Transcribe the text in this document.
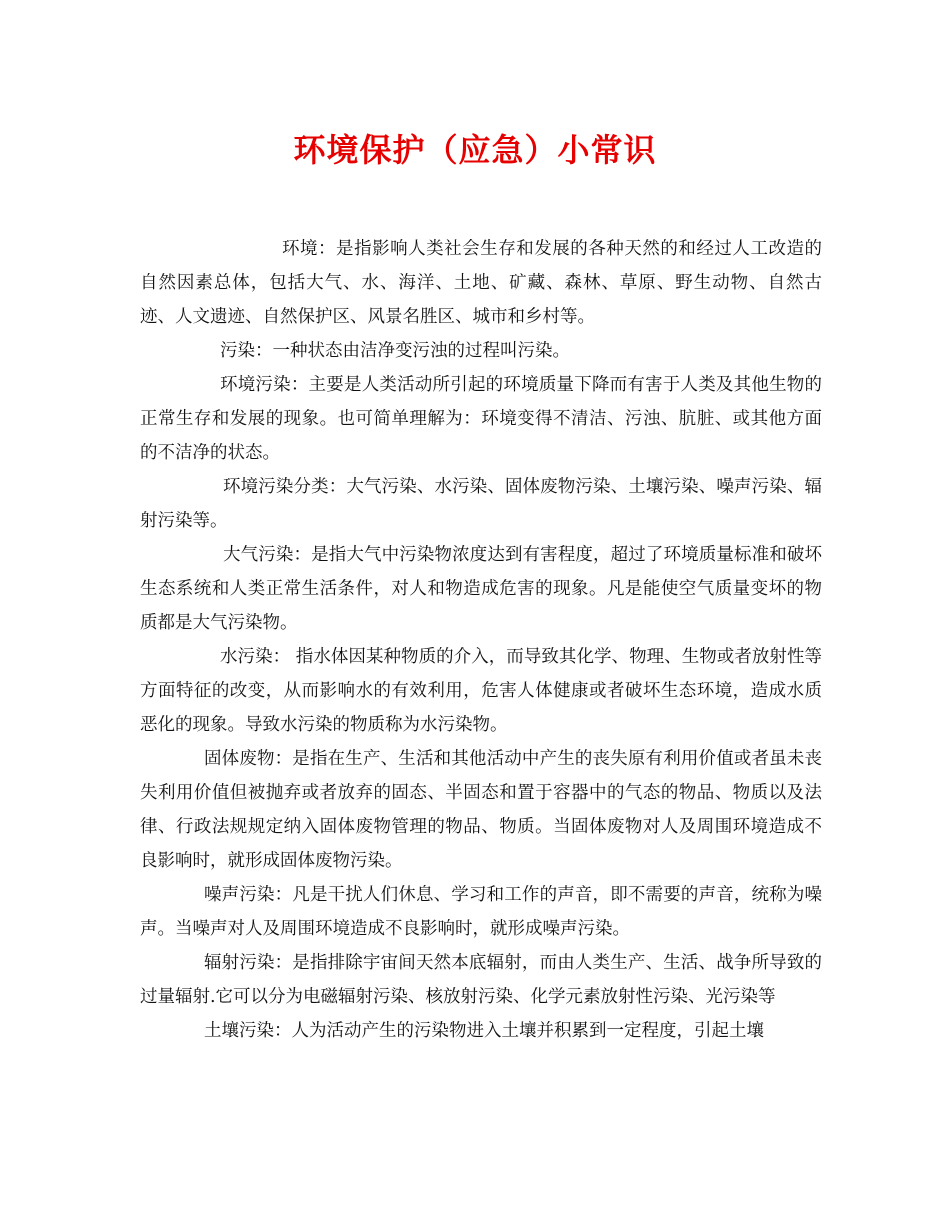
环境保护（应急）小常识

环境：是指影响人类社会生存和发展的各种天然的和经过人工改造的自然因素总体，包括大气、水、海洋、土地、矿藏、森林、草原、野生动物、自然古迹、人文遗迹、自然保护区、风景名胜区、城市和乡村等。

污染：一种状态由洁净变污浊的过程叫污染。

环境污染：主要是人类活动所引起的环境质量下降而有害于人类及其他生物的正常生存和发展的现象。也可简单理解为：环境变得不清洁、污浊、肮脏、或其他方面的不洁净的状态。

环境污染分类：大气污染、水污染、固体废物污染、土壤污染、噪声污染、辐射污染等。

大气污染：是指大气中污染物浓度达到有害程度，超过了环境质量标准和破坏生态系统和人类正常生活条件，对人和物造成危害的现象。凡是能使空气质量变坏的物质都是大气污染物。

水污染： 指水体因某种物质的介入，而导致其化学、物理、生物或者放射性等方面特征的改变，从而影响水的有效利用，危害人体健康或者破坏生态环境，造成水质恶化的现象。导致水污染的物质称为水污染物。

固体废物：是指在生产、生活和其他活动中产生的丧失原有利用价值或者虽未丧失利用价值但被抛弃或者放弃的固态、半固态和置于容器中的气态的物品、物质以及法律、行政法规规定纳入固体废物管理的物品、物质。当固体废物对人及周围环境造成不良影响时，就形成固体废物污染。

噪声污染：凡是干扰人们休息、学习和工作的声音，即不需要的声音，统称为噪声。当噪声对人及周围环境造成不良影响时，就形成噪声污染。

辐射污染：是指排除宇宙间天然本底辐射，而由人类生产、生活、战争所导致的过量辐射.它可以分为电磁辐射污染、核放射污染、化学元素放射性污染、光污染等

土壤污染：人为活动产生的污染物进入土壤并积累到一定程度，引起土壤
